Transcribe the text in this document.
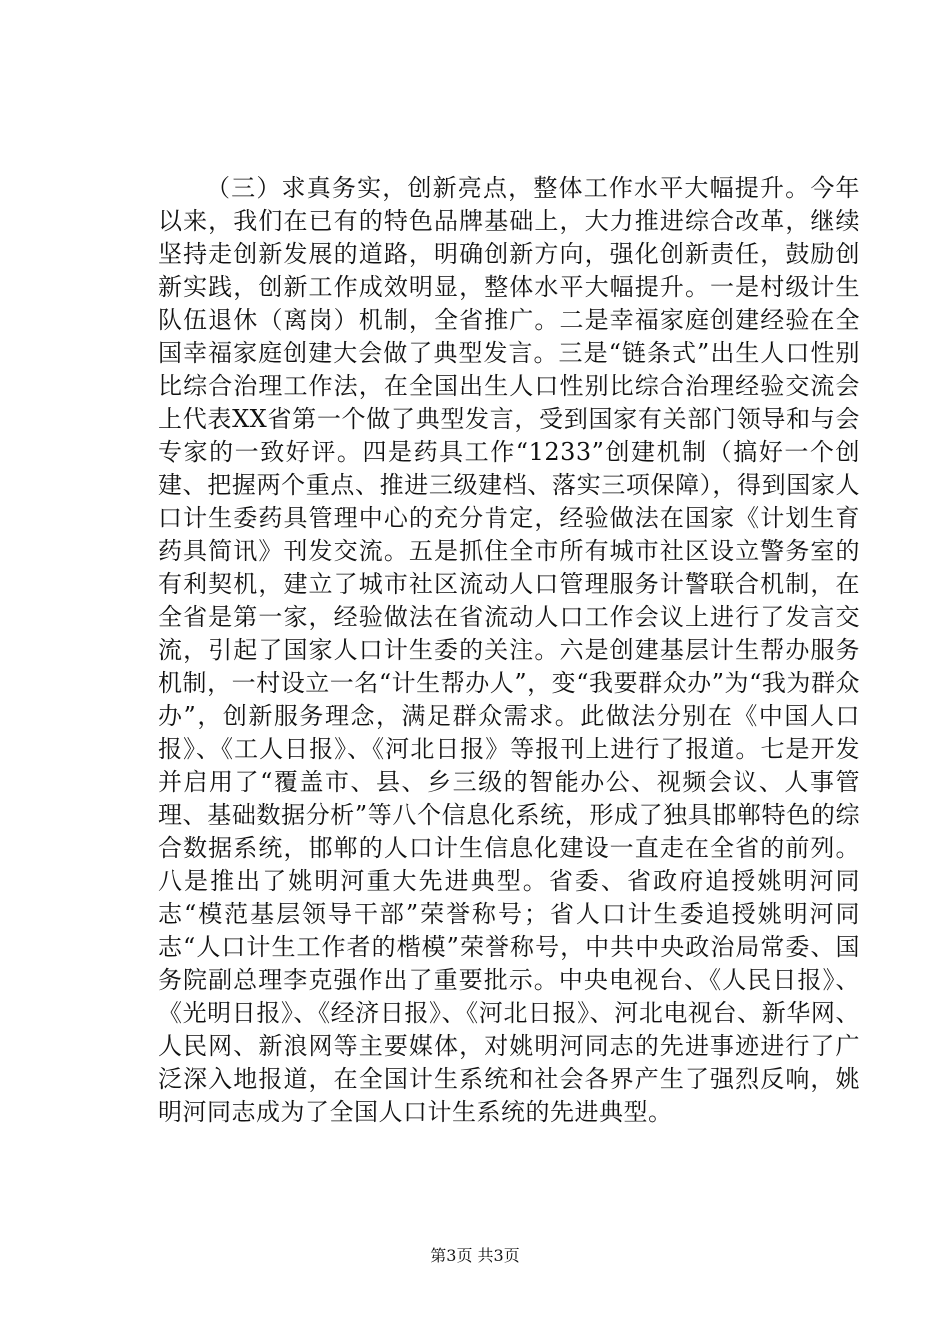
（三）求真务实，创新亮点，整体工作水平大幅提升。今年以来，我们在已有的特色品牌基础上，大力推进综合改革，继续坚持走创新发展的道路，明确创新方向，强化创新责任，鼓励创新实践，创新工作成效明显，整体水平大幅提升。一是村级计生队伍退休（离岗）机制，全省推广。二是幸福家庭创建经验在全国幸福家庭创建大会做了典型发言。三是“链条式”出生人口性别比综合治理工作法，在全国出生人口性别比综合治理经验交流会上代表XX省第一个做了典型发言，受到国家有关部门领导和与会专家的一致好评。四是药具工作“1233”创建机制（搞好一个创建、把握两个重点、推进三级建档、落实三项保障），得到国家人口计生委药具管理中心的充分肯定，经验做法在国家《计划生育药具简讯》刊发交流。五是抓住全市所有城市社区设立警务室的有利契机，建立了城市社区流动人口管理服务计警联合机制，在全省是第一家，经验做法在省流动人口工作会议上进行了发言交流，引起了国家人口计生委的关注。六是创建基层计生帮办服务机制，一村设立一名“计生帮办人”，变“我要群众办”为“我为群众办”，创新服务理念，满足群众需求。此做法分别在《中国人口报》、《工人日报》、《河北日报》等报刊上进行了报道。七是开发并启用了“覆盖市、县、乡三级的智能办公、视频会议、人事管理、基础数据分析”等八个信息化系统，形成了独具邯郸特色的综合数据系统，邯郸的人口计生信息化建设一直走在全省的前列。八是推出了姚明河重大先进典型。省委、省政府追授姚明河同志“模范基层领导干部”荣誉称号；省人口计生委追授姚明河同志“人口计生工作者的楷模”荣誉称号，中共中央政治局常委、国务院副总理李克强作出了重要批示。中央电视台、《人民日报》、《光明日报》、《经济日报》、《河北日报》、河北电视台、新华网、人民网、新浪网等主要媒体，对姚明河同志的先进事迹进行了广泛深入地报道，在全国计生系统和社会各界产生了强烈反响，姚明河同志成为了全国人口计生系统的先进典型。

第3页 共3页
